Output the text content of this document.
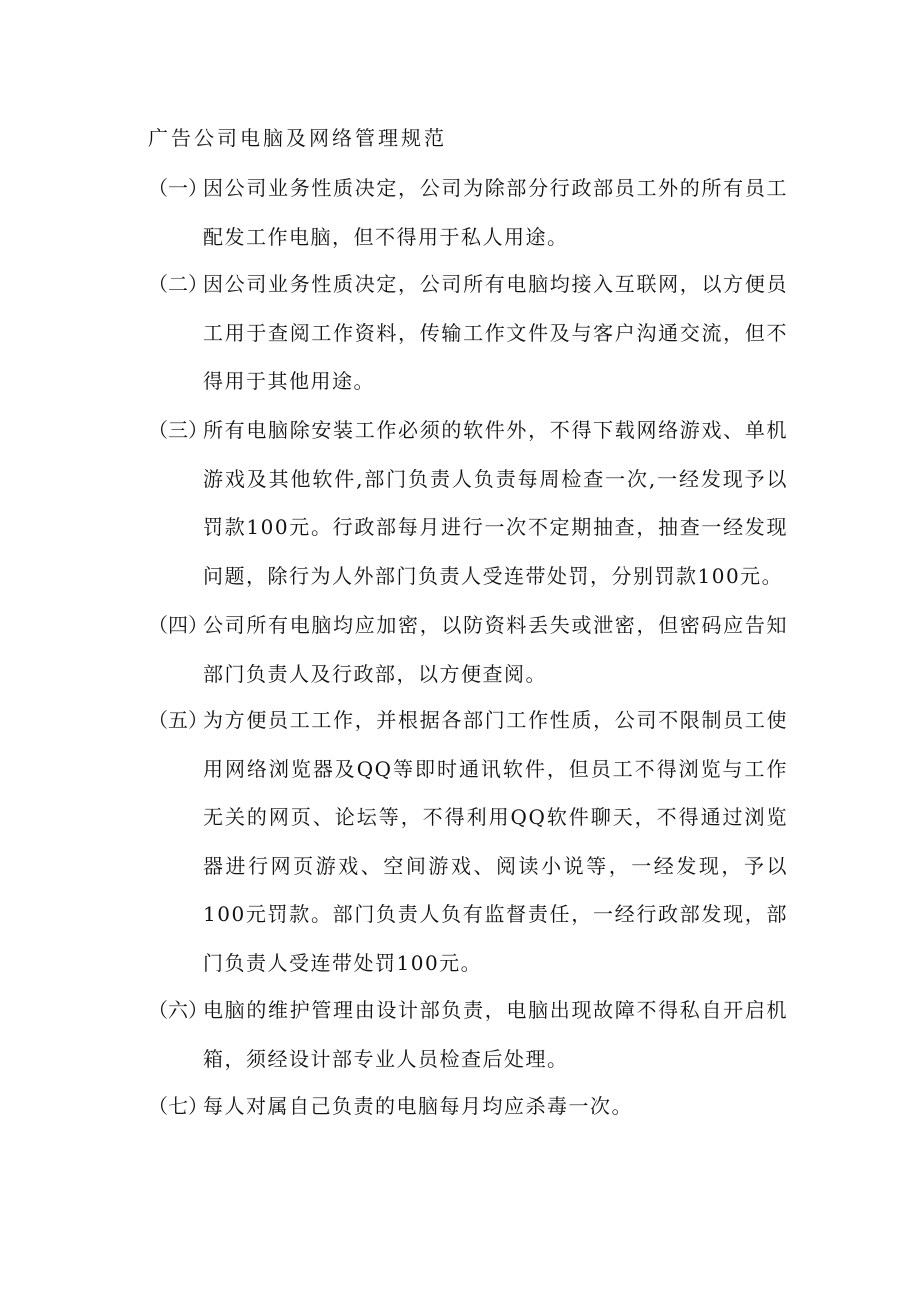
广告公司电脑及网络管理规范
（一）
因公司业务性质决定，公司为除部分行政部员工外的所有员工配发工作电脑，但不得用于私人用途。
（二）
因公司业务性质决定，公司所有电脑均接入互联网，以方便员工用于查阅工作资料，传输工作文件及与客户沟通交流，但不得用于其他用途。
（三）
所有电脑除安装工作必须的软件外，不得下载网络游戏、单机游戏及其他软件,部门负责人负责每周检查一次,一经发现予以罚款100元。行政部每月进行一次不定期抽查，抽查一经发现问题，除行为人外部门负责人受连带处罚，分别罚款100元。
（四）
公司所有电脑均应加密，以防资料丢失或泄密，但密码应告知部门负责人及行政部，以方便查阅。
（五）
为方便员工工作，并根据各部门工作性质，公司不限制员工使用网络浏览器及QQ等即时通讯软件，但员工不得浏览与工作无关的网页、论坛等，不得利用QQ软件聊天，不得通过浏览器进行网页游戏、空间游戏、阅读小说等，一经发现，予以100元罚款。部门负责人负有监督责任，一经行政部发现，部门负责人受连带处罚100元。
（六）
电脑的维护管理由设计部负责，电脑出现故障不得私自开启机箱，须经设计部专业人员检查后处理。
（七）
每人对属自己负责的电脑每月均应杀毒一次。
